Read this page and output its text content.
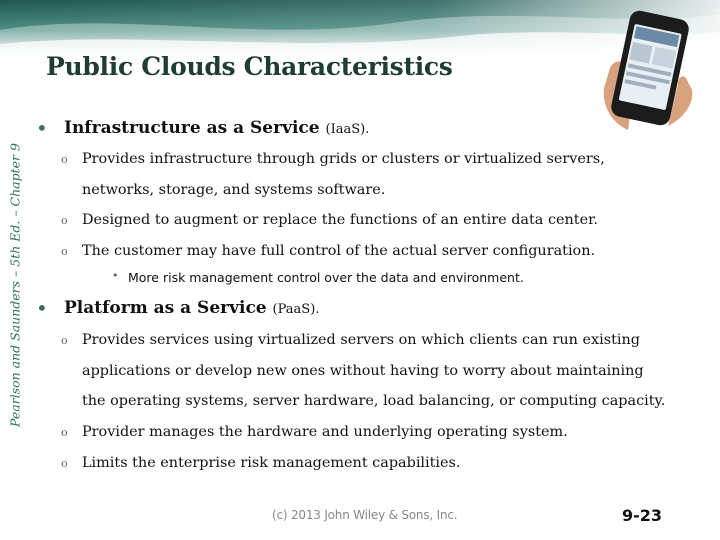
Public Clouds Characteristics
Pearlson and Saunders – 5th Ed. – Chapter 9
• Infrastructure as a Service (IaaS).
o Provides infrastructure through grids or clusters or virtualized servers,
networks, storage, and systems software.
o Designed to augment or replace the functions of an entire data center.
o The customer may have full control of the actual server configuration.
• More risk management control over the data and environment.
• Platform as a Service (PaaS).
o Provides services using virtualized servers on which clients can run existing
applications or develop new ones without having to worry about maintaining
the operating systems, server hardware, load balancing, or computing capacity.
o Provider manages the hardware and underlying operating system.
o Limits the enterprise risk management capabilities.
(c) 2013 John Wiley & Sons, Inc.	9-23
